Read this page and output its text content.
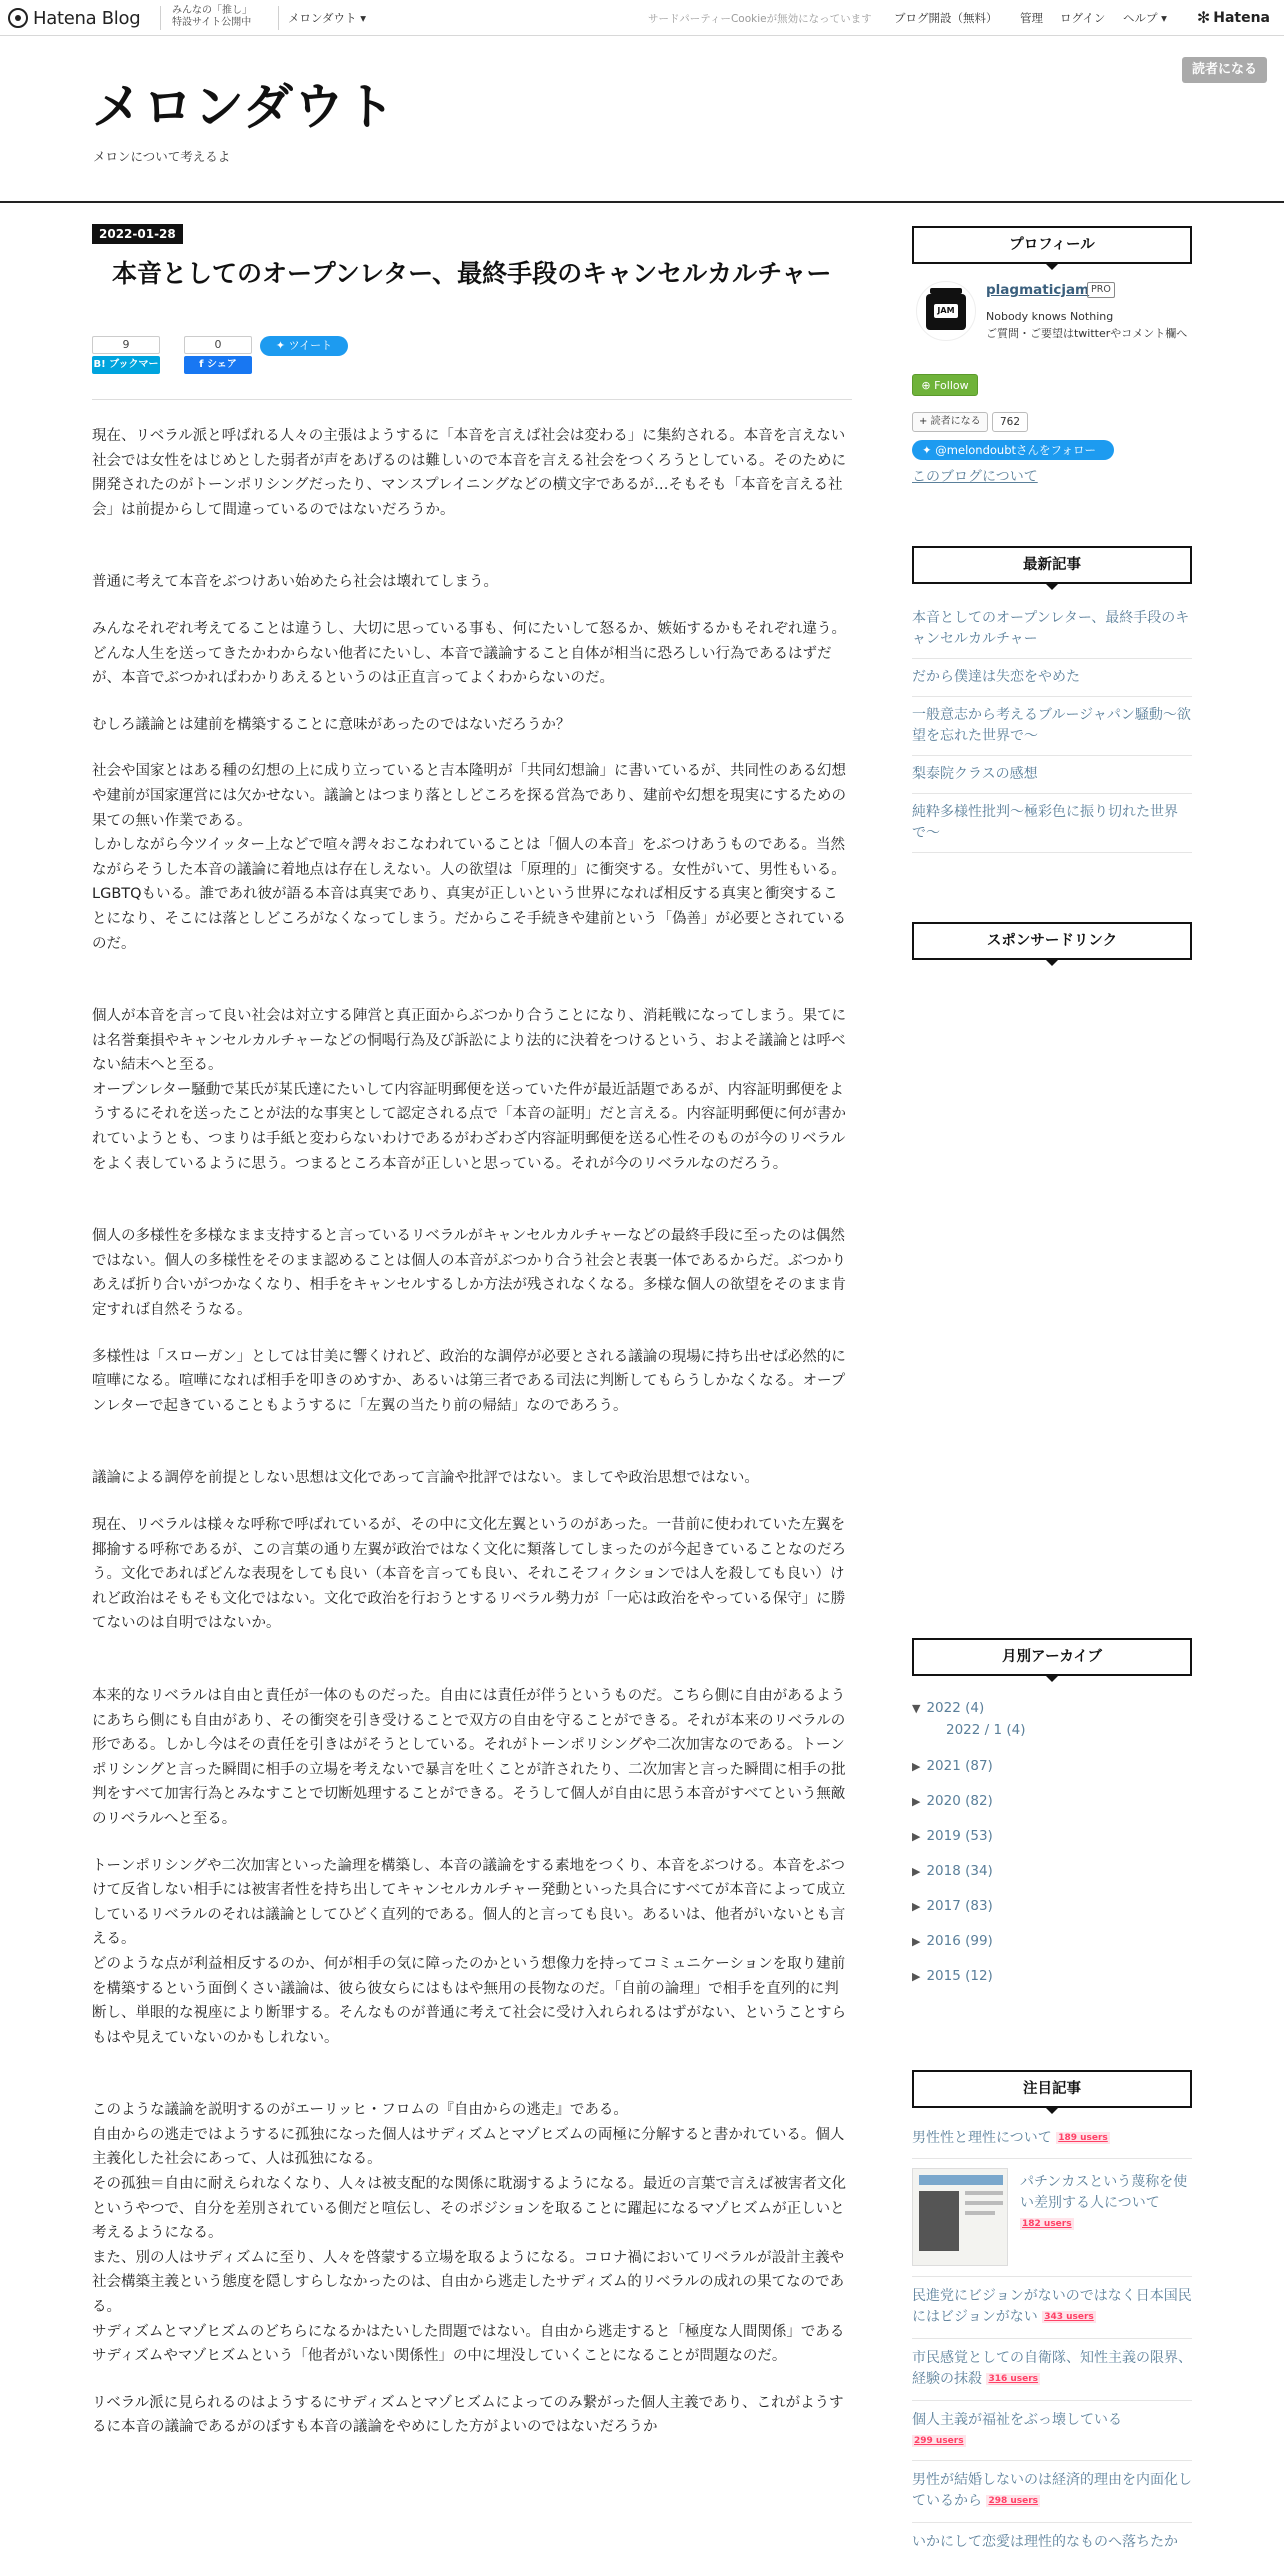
Hatena Blog	みんなの「推し」
特設サイト公開中	メロンダウト ▾	サードパーティーCookieが無効になっています ブログ開設（無料） 管理 ログイン ヘルプ ▾ ✻ Hatena
メロンダウト
メロンについて考えるよ
読者になる
2022-01-28
本音としてのオープンレター、最終手段のキャンセルカルチャー
9
B! ブックマーク
0
f シェア
✦ ツイート

現在、リベラル派と呼ばれる人々の主張はようするに「本音を言えば社会は変わる」に集約される。本音を言えない社会では女性をはじめとした弱者が声をあげるのは難しいので本音を言える社会をつくろうとしている。そのために開発されたのがトーンポリシングだったり、マンスプレイニングなどの横文字であるが…そもそも「本音を言える社会」は前提からして間違っているのではないだろうか。

普通に考えて本音をぶつけあい始めたら社会は壊れてしまう。

みんなそれぞれ考えてることは違うし、大切に思っている事も、何にたいして怒るか、嫉妬するかもそれぞれ違う。どんな人生を送ってきたかわからない他者にたいし、本音で議論すること自体が相当に恐ろしい行為であるはずだが、本音でぶつかればわかりあえるというのは正直言ってよくわからないのだ。

むしろ議論とは建前を構築することに意味があったのではないだろうか？

社会や国家とはある種の幻想の上に成り立っていると吉本隆明が「共同幻想論」に書いているが、共同性のある幻想や建前が国家運営には欠かせない。議論とはつまり落としどころを探る営為であり、建前や幻想を現実にするための果ての無い作業である。
しかしながら今ツイッター上などで喧々諤々おこなわれていることは「個人の本音」をぶつけあうものである。当然ながらそうした本音の議論に着地点は存在しえない。人の欲望は「原理的」に衝突する。女性がいて、男性もいる。LGBTQもいる。誰であれ彼が語る本音は真実であり、真実が正しいという世界になれば相反する真実と衝突することになり、そこには落としどころがなくなってしまう。だからこそ手続きや建前という「偽善」が必要とされているのだ。

個人が本音を言って良い社会は対立する陣営と真正面からぶつかり合うことになり、消耗戦になってしまう。果てには名誉棄損やキャンセルカルチャーなどの恫喝行為及び訴訟により法的に決着をつけるという、およそ議論とは呼べない結末へと至る。
オープンレター騒動で某氏が某氏達にたいして内容証明郵便を送っていた件が最近話題であるが、内容証明郵便をようするにそれを送ったことが法的な事実として認定される点で「本音の証明」だと言える。内容証明郵便に何が書かれていようとも、つまりは手紙と変わらないわけであるがわざわざ内容証明郵便を送る心性そのものが今のリベラルをよく表しているように思う。つまるところ本音が正しいと思っている。それが今のリベラルなのだろう。

個人の多様性を多様なまま支持すると言っているリベラルがキャンセルカルチャーなどの最終手段に至ったのは偶然ではない。個人の多様性をそのまま認めることは個人の本音がぶつかり合う社会と表裏一体であるからだ。ぶつかりあえば折り合いがつかなくなり、相手をキャンセルするしか方法が残されなくなる。多様な個人の欲望をそのまま肯定すれば自然そうなる。

多様性は「スローガン」としては甘美に響くけれど、政治的な調停が必要とされる議論の現場に持ち出せば必然的に喧嘩になる。喧嘩になれば相手を叩きのめすか、あるいは第三者である司法に判断してもらうしかなくなる。オープンレターで起きていることもようするに「左翼の当たり前の帰結」なのであろう。

議論による調停を前提としない思想は文化であって言論や批評ではない。ましてや政治思想ではない。

現在、リベラルは様々な呼称で呼ばれているが、その中に文化左翼というのがあった。一昔前に使われていた左翼を揶揄する呼称であるが、この言葉の通り左翼が政治ではなく文化に類落してしまったのが今起きていることなのだろう。文化であればどんな表現をしても良い（本音を言っても良い、それこそフィクションでは人を殺しても良い）けれど政治はそもそも文化ではない。文化で政治を行おうとするリベラル勢力が「一応は政治をやっている保守」に勝てないのは自明ではないか。

本来的なリベラルは自由と責任が一体のものだった。自由には責任が伴うというものだ。こちら側に自由があるようにあちら側にも自由があり、その衝突を引き受けることで双方の自由を守ることができる。それが本来のリベラルの形である。しかし今はその責任を引きはがそうとしている。それがトーンポリシングや二次加害なのである。トーンポリシングと言った瞬間に相手の立場を考えないで暴言を吐くことが許されたり、二次加害と言った瞬間に相手の批判をすべて加害行為とみなすことで切断処理することができる。そうして個人が自由に思う本音がすべてという無敵のリベラルへと至る。

トーンポリシングや二次加害といった論理を構築し、本音の議論をする素地をつくり、本音をぶつける。本音をぶつけて反省しない相手には被害者性を持ち出してキャンセルカルチャー発動といった具合にすべてが本音によって成立しているリベラルのそれは議論としてひどく直列的である。個人的と言っても良い。あるいは、他者がいないとも言える。
どのような点が利益相反するのか、何が相手の気に障ったのかという想像力を持ってコミュニケーションを取り建前を構築するという面倒くさい議論は、彼ら彼女らにはもはや無用の長物なのだ。「自前の論理」で相手を直列的に判断し、単眼的な視座により断罪する。そんなものが普通に考えて社会に受け入れられるはずがない、ということすらもはや見えていないのかもしれない。

このような議論を説明するのがエーリッヒ・フロムの『自由からの逃走』である。
自由からの逃走ではようするに孤独になった個人はサディズムとマゾヒズムの両極に分解すると書かれている。個人主義化した社会にあって、人は孤独になる。
その孤独＝自由に耐えられなくなり、人々は被支配的な関係に耽溺するようになる。最近の言葉で言えば被害者文化というやつで、自分を差別されている側だと喧伝し、そのポジションを取ることに躍起になるマゾヒズムが正しいと考えるようになる。
また、別の人はサディズムに至り、人々を啓蒙する立場を取るようになる。コロナ禍においてリベラルが設計主義や社会構築主義という態度を隠しすらしなかったのは、自由から逃走したサディズム的リベラルの成れの果てなのである。
サディズムとマゾヒズムのどちらになるかはたいした問題ではない。自由から逃走すると「極度な人間関係」であるサディズムやマゾヒズムという「他者がいない関係性」の中に埋没していくことになることが問題なのだ。

リベラル派に見られるのはようするにサディズムとマゾヒズムによってのみ繋がった個人主義であり、これがようするに本音の議論であるがのぼすも本音の議論をやめにした方がよいのではないだろうか

プロフィール
JAM
plagmaticjam PRO
Nobody knows Nothing
ご質問・ご要望はtwitterやコメント欄へ
⊕ Follow
+ 読者になる	762
✦ @melondoubtさんをフォロー
このブログについて
最新記事
本音としてのオープンレター、最終手段のキャンセルカルチャー
だから僕達は失恋をやめた
一般意志から考えるブルージャパン騒動〜欲望を忘れた世界で〜
梨泰院クラスの感想
純粋多様性批判〜極彩色に振り切れた世界で〜
スポンサードリンク
月別アーカイブ
▼ 2022 (4)
2022 / 1 (4)
▶ 2021 (87)
▶ 2020 (82)
▶ 2019 (53)
▶ 2018 (34)
▶ 2017 (83)
▶ 2016 (99)
▶ 2015 (12)
注目記事
男性性と理性について 189 users
パチンカスという蔑称を使い差別する人について
182 users
民進党にビジョンがないのではなく日本国民にはビジョンがない 343 users
市民感覚としての自衛隊、知性主義の限界、経験の抹殺 316 users
個人主義が福祉をぶっ壊している
299 users
男性が結婚しないのは経済的理由を内面化しているから 298 users
いかにして恋愛は理性的なものへ落ちたか
